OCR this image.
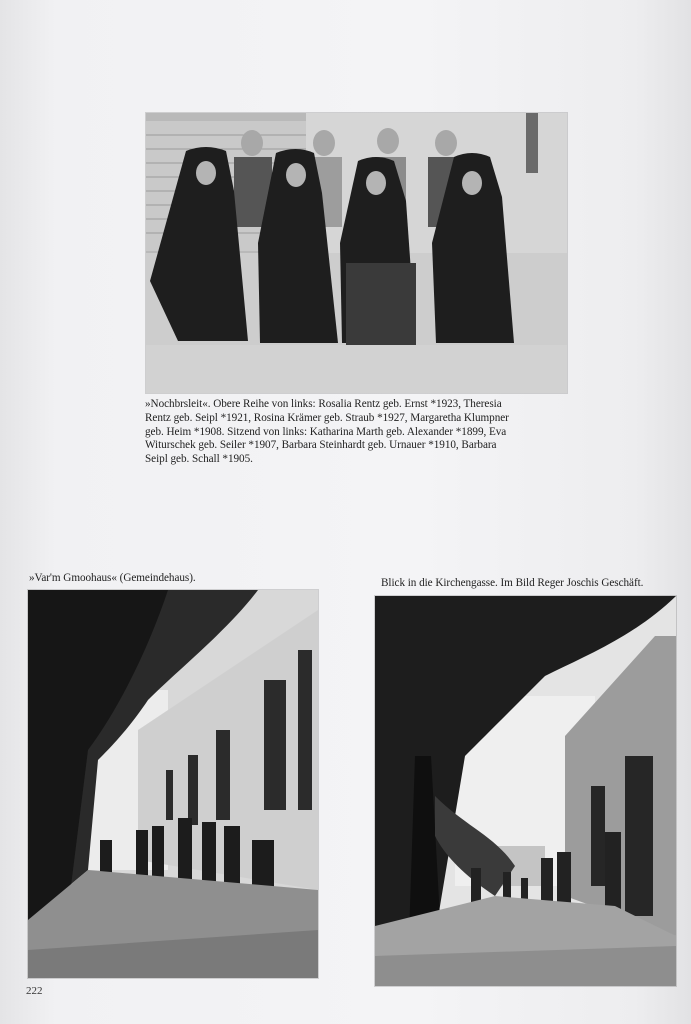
»Nochbrsleit«. Obere Reihe von links: Rosalia Rentz geb. Ernst *1923, Theresia
Rentz geb. Seipl *1921, Rosina Krämer geb. Straub *1927, Margaretha Klumpner
geb. Heim *1908. Sitzend von links: Katharina Marth geb. Alexander *1899, Eva
Witurschek geb. Seiler *1907, Barbara Steinhardt geb. Urnauer *1910, Barbara
Seipl geb. Schall *1905.
»Var'm Gmoohaus« (Gemeindehaus).	Blick in die Kirchengasse. Im Bild Reger Joschis Geschäft.
222
